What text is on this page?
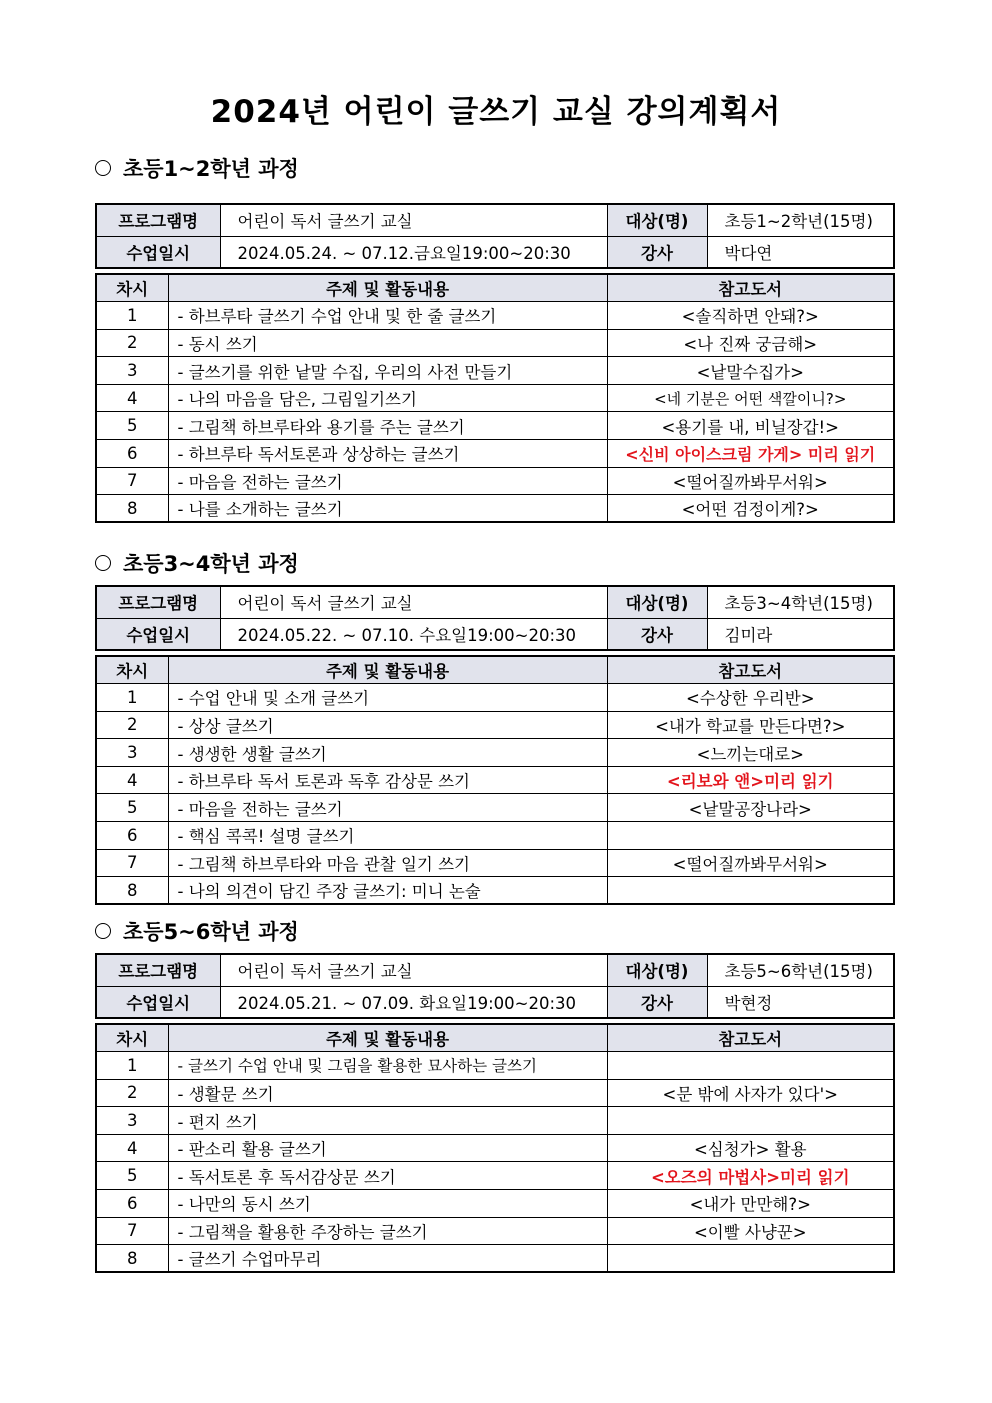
2024년 어린이 글쓰기 교실 강의계획서
초등1~2학년 과정
프로그램명	어린이 독서 글쓰기 교실	대상(명)	초등1~2학년(15명)
수업일시	2024.05.24. ~ 07.12.금요일19:00~20:30	강사	박다연
차시	주제 및 활동내용	참고도서
1	- 하브루타 글쓰기 수업 안내 및 한 줄 글쓰기	<솔직하면 안돼?>
2	- 동시 쓰기	<나 진짜 궁금해>
3	- 글쓰기를 위한 낱말 수집, 우리의 사전 만들기	<낱말수집가>
4	- 나의 마음을 담은, 그림일기쓰기	<네 기분은 어떤 색깔이니?>
5	- 그림책 하브루타와 용기를 주는 글쓰기	<용기를 내, 비닐장갑!>
6	- 하브루타 독서토론과 상상하는 글쓰기	<신비 아이스크림 가게> 미리 읽기
7	- 마음을 전하는 글쓰기	<떨어질까봐무서워>
8	- 나를 소개하는 글쓰기	<어떤 검정이게?>
초등3~4학년 과정
프로그램명	어린이 독서 글쓰기 교실	대상(명)	초등3~4학년(15명)
수업일시	2024.05.22. ~ 07.10. 수요일19:00~20:30	강사	김미라
차시	주제 및 활동내용	참고도서
1	- 수업 안내 및 소개 글쓰기	<수상한 우리반>
2	- 상상 글쓰기	<내가 학교를 만든다면?>
3	- 생생한 생활 글쓰기	<느끼는대로>
4	- 하브루타 독서 토론과 독후 감상문 쓰기	<리보와 앤>미리 읽기
5	- 마음을 전하는 글쓰기	<낱말공장나라>
6	- 핵심 콕콕! 설명 글쓰기	
7	- 그림책 하브루타와 마음 관찰 일기 쓰기	<떨어질까봐무서워>
8	- 나의 의견이 담긴 주장 글쓰기: 미니 논술	
초등5~6학년 과정
프로그램명	어린이 독서 글쓰기 교실	대상(명)	초등5~6학년(15명)
수업일시	2024.05.21. ~ 07.09. 화요일19:00~20:30	강사	박현정
차시	주제 및 활동내용	참고도서
1	- 글쓰기 수업 안내 및 그림을 활용한 묘사하는 글쓰기	
2	- 생활문 쓰기	<문 밖에 사자가 있다'>
3	- 편지 쓰기	
4	- 판소리 활용 글쓰기	<심청가> 활용
5	- 독서토론 후 독서감상문 쓰기	<오즈의 마법사>미리 읽기
6	- 나만의 동시 쓰기	<내가 만만해?>
7	- 그림책을 활용한 주장하는 글쓰기	<이빨 사냥꾼>
8	- 글쓰기 수업마무리	
